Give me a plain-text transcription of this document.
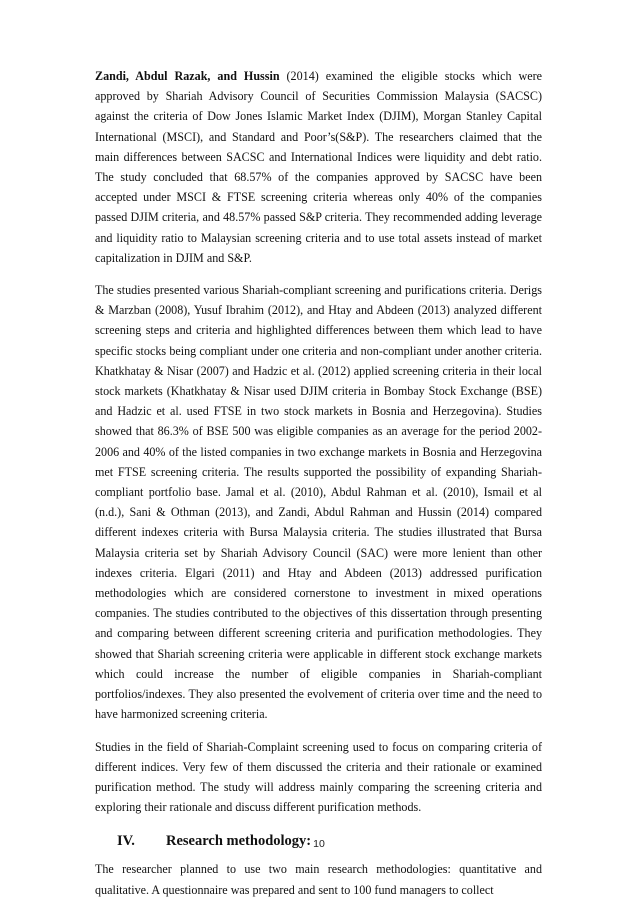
Zandi, Abdul Razak, and Hussin (2014) examined the eligible stocks which were approved by Shariah Advisory Council of Securities Commission Malaysia (SACSC) against the criteria of Dow Jones Islamic Market Index (DJIM), Morgan Stanley Capital International (MSCI), and Standard and Poor’s(S&P). The researchers claimed that the main differences between SACSC and International Indices were liquidity and debt ratio. The study concluded that 68.57% of the companies approved by SACSC have been accepted under MSCI & FTSE screening criteria whereas only 40% of the companies passed DJIM criteria, and 48.57% passed S&P criteria. They recommended adding leverage and liquidity ratio to Malaysian screening criteria and to use total assets instead of market capitalization in DJIM and S&P.

The studies presented various Shariah-compliant screening and purifications criteria. Derigs & Marzban (2008), Yusuf Ibrahim (2012), and Htay and Abdeen (2013) analyzed different screening steps and criteria and highlighted differences between them which lead to have specific stocks being compliant under one criteria and non-compliant under another criteria. Khatkhatay & Nisar (2007) and Hadzic et al. (2012) applied screening criteria in their local stock markets (Khatkhatay & Nisar used DJIM criteria in Bombay Stock Exchange (BSE) and Hadzic et al. used FTSE in two stock markets in Bosnia and Herzegovina). Studies showed that 86.3% of BSE 500 was eligible companies as an average for the period 2002-2006 and 40% of the listed companies in two exchange markets in Bosnia and Herzegovina met FTSE screening criteria. The results supported the possibility of expanding Shariah-compliant portfolio base. Jamal et al. (2010), Abdul Rahman et al. (2010), Ismail et al (n.d.), Sani & Othman (2013), and Zandi, Abdul Rahman and Hussin (2014) compared different indexes criteria with Bursa Malaysia criteria. The studies illustrated that Bursa Malaysia criteria set by Shariah Advisory Council (SAC) were more lenient than other indexes criteria. Elgari (2011) and Htay and Abdeen (2013) addressed purification methodologies which are considered cornerstone to investment in mixed operations companies. The studies contributed to the objectives of this dissertation through presenting and comparing between different screening criteria and purification methodologies. They showed that Shariah screening criteria were applicable in different stock exchange markets which could increase the number of eligible companies in Shariah-compliant portfolios/indexes. They also presented the evolvement of criteria over time and the need to have harmonized screening criteria.

Studies in the field of Shariah-Complaint screening used to focus on comparing criteria of different indices. Very few of them discussed the criteria and their rationale or examined purification method. The study will address mainly comparing the screening criteria and exploring their rationale and discuss different purification methods.

IV.	Research methodology:

The researcher planned to use two main research methodologies: quantitative and qualitative. A questionnaire was prepared and sent to 100 fund managers to collect

10
